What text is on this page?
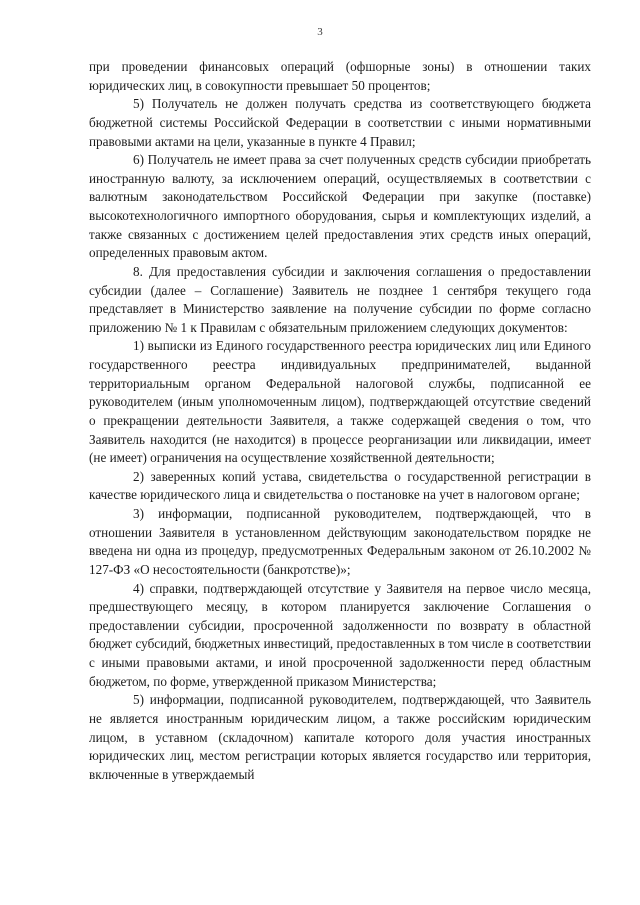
3

при проведении финансовых операций (офшорные зоны) в отношении таких юридических лиц, в совокупности превышает 50 процентов;

5) Получатель не должен получать средства из соответствующего бюджета бюджетной системы Российской Федерации в соответствии с иными нормативными правовыми актами на цели, указанные в пункте 4 Правил;

6) Получатель не имеет права за счет полученных средств субсидии приобретать иностранную валюту, за исключением операций, осуществляемых в соответствии с валютным законодательством Российской Федерации при закупке (поставке) высокотехнологичного импортного оборудования, сырья и комплектующих изделий, а также связанных с достижением целей предоставления этих средств иных операций, определенных правовым актом.

8. Для предоставления субсидии и заключения соглашения о предоставлении субсидии (далее – Соглашение) Заявитель не позднее 1 сентября текущего года представляет в Министерство заявление на получение субсидии по форме согласно приложению № 1 к Правилам с обязательным приложением следующих документов:

1) выписки из Единого государственного реестра юридических лиц или Единого государственного реестра индивидуальных предпринимателей, выданной территориальным органом Федеральной налоговой службы, подписанной ее руководителем (иным уполномоченным лицом), подтверждающей отсутствие сведений о прекращении деятельности Заявителя, а также содержащей сведения о том, что Заявитель находится (не находится) в процессе реорганизации или ликвидации, имеет (не имеет) ограничения на осуществление хозяйственной деятельности;

2) заверенных копий устава, свидетельства о государственной регистрации в качестве юридического лица и свидетельства о постановке на учет в налоговом органе;

3) информации, подписанной руководителем, подтверждающей, что в отношении Заявителя в установленном действующим законодательством порядке не введена ни одна из процедур, предусмотренных Федеральным законом от 26.10.2002 № 127-ФЗ «О несостоятельности (банкротстве)»;

4) справки, подтверждающей отсутствие у Заявителя на первое число месяца, предшествующего месяцу, в котором планируется заключение Соглашения о предоставлении субсидии, просроченной задолженности по возврату в областной бюджет субсидий, бюджетных инвестиций, предоставленных в том числе в соответствии с иными правовыми актами, и иной просроченной задолженности перед областным бюджетом, по форме, утвержденной приказом Министерства;

5) информации, подписанной руководителем, подтверждающей, что Заявитель не является иностранным юридическим лицом, а также российским юридическим лицом, в уставном (складочном) капитале которого доля участия иностранных юридических лиц, местом регистрации которых является государство или территория, включенные в утверждаемый
